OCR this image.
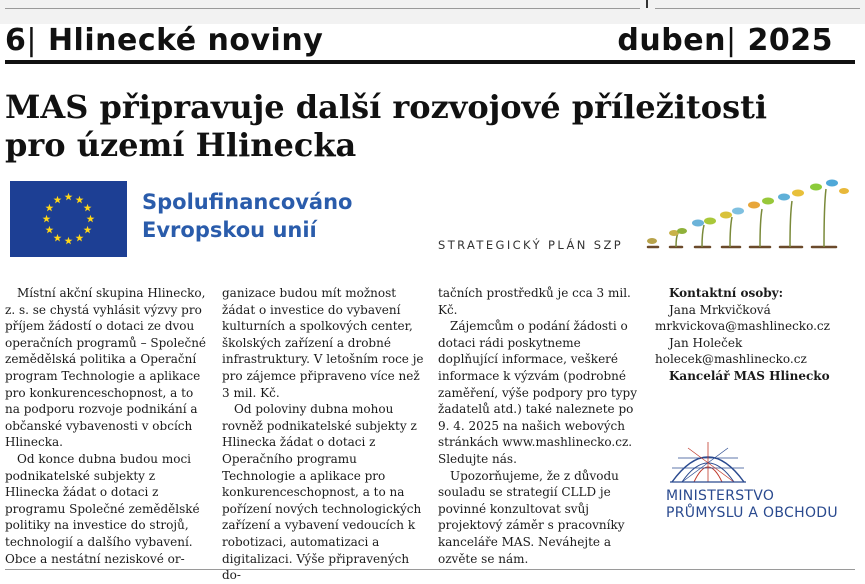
6| Hlinecké noviny	duben| 2025
MAS připravuje další rozvojové příležitosti
pro území Hlinecka
Spolufinancováno
Evropskou unií
STRATEGICKÝ PLÁN SZP

Místní akční skupina Hlinecko, z. s. se chystá vyhlásit výzvy pro příjem žádostí o dotaci ze dvou operačních programů – Společné zemědělská politika a Operační program Technologie a aplikace pro konkurenceschopnost, a to na podporu rozvoje podnikání a občanské vybavenosti v obcích Hlinecka.

Od konce dubna budou moci podnikatelské subjekty z Hlinecka žádat o dotaci z programu Společné zemědělské politiky na investice do strojů, technologií a dalšího vybavení. Obce a nestátní neziskové or-

ganizace budou mít možnost žádat o investice do vybavení kulturních a spolkových center, školských zařízení a drobné infrastruktury. V letošním roce je pro zájemce připraveno více než 3 mil. Kč.

Od poloviny dubna mohou rovněž podnikatelské subjekty z Hlinecka žádat o dotaci z Operačního programu Technologie a aplikace pro konkurenceschopnost, a to na pořízení nových technologických zařízení a vybavení vedoucích k robotizaci, automatizaci a digitalizaci. Výše připravených do-

tačních prostředků je cca 3 mil. Kč.

Zájemcům o podání žádosti o dotaci rádi poskytneme doplňující informace, veškeré informace k výzvám (podrobné zaměření, výše podpory pro typy žadatelů atd.) také naleznete po 9. 4. 2025 na našich webových stránkách www.mashlinecko.cz. Sledujte nás.

Upozorňujeme, že z důvodu souladu se strategií CLLD je povinné konzultovat svůj projektový záměr s pracovníky kanceláře MAS. Neváhejte a ozvěte se nám.

Kontaktní osoby:
Jana Mrkvičková
mrkvickova@mashlinecko.cz
Jan Holeček
holecek@mashlinecko.cz
Kancelář MAS Hlinecko
MINISTERSTVO
PRŮMYSLU A OBCHODU
